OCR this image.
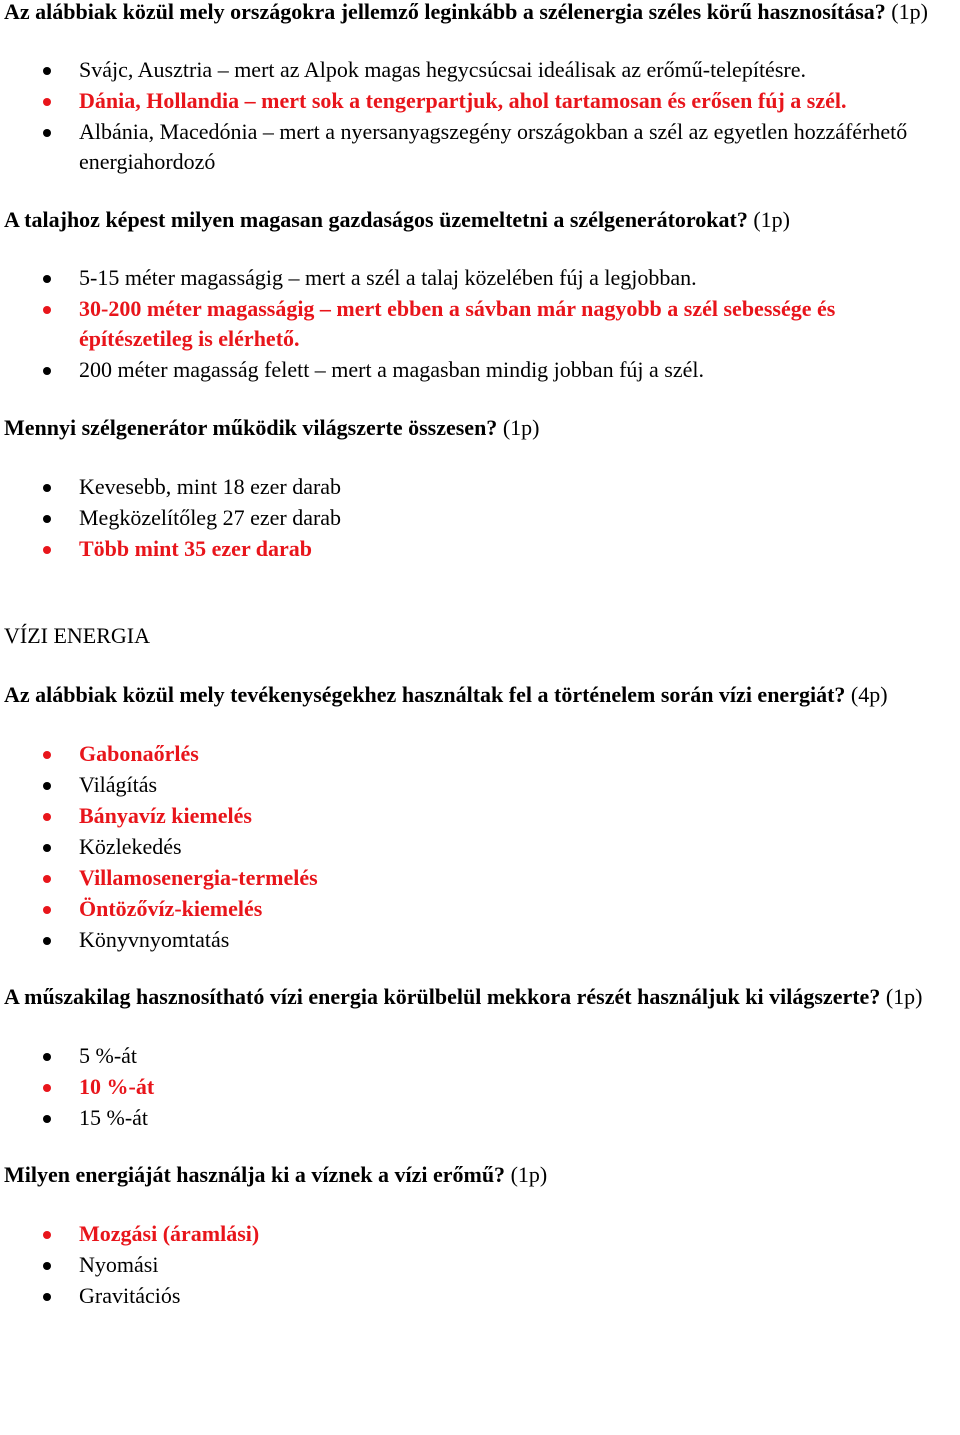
Az alábbiak közül mely országokra jellemző leginkább a szélenergia széles körű hasznosítása? (1p)

Svájc, Ausztria – mert az Alpok magas hegycsúcsai ideálisak az erőmű-telepítésre.
Dánia, Hollandia – mert sok a tengerpartjuk, ahol tartamosan és erősen fúj a szél.
Albánia, Macedónia – mert a nyersanyagszegény országokban a szél az egyetlen hozzáférhető energiahordozó

A talajhoz képest milyen magasan gazdaságos üzemeltetni a szélgenerátorokat? (1p)

5-15 méter magasságig – mert a szél a talaj közelében fúj a legjobban.
30-200 méter magasságig – mert ebben a sávban már nagyobb a szél sebessége és építészetileg is elérhető.
200 méter magasság felett – mert a magasban mindig jobban fúj a szél.

Mennyi szélgenerátor működik világszerte összesen? (1p)

Kevesebb, mint 18 ezer darab
Megközelítőleg 27 ezer darab
Több mint 35 ezer darab

VÍZI ENERGIA

Az alábbiak közül mely tevékenységekhez használtak fel a történelem során vízi energiát? (4p)

Gabonaőrlés
Világítás
Bányavíz kiemelés
Közlekedés
Villamosenergia-termelés
Öntözővíz-kiemelés
Könyvnyomtatás

A műszakilag hasznosítható vízi energia körülbelül mekkora részét használjuk ki világszerte? (1p)

5 %-át
10 %-át
15 %-át

Milyen energiáját használja ki a víznek a vízi erőmű? (1p)

Mozgási (áramlási)
Nyomási
Gravitációs
